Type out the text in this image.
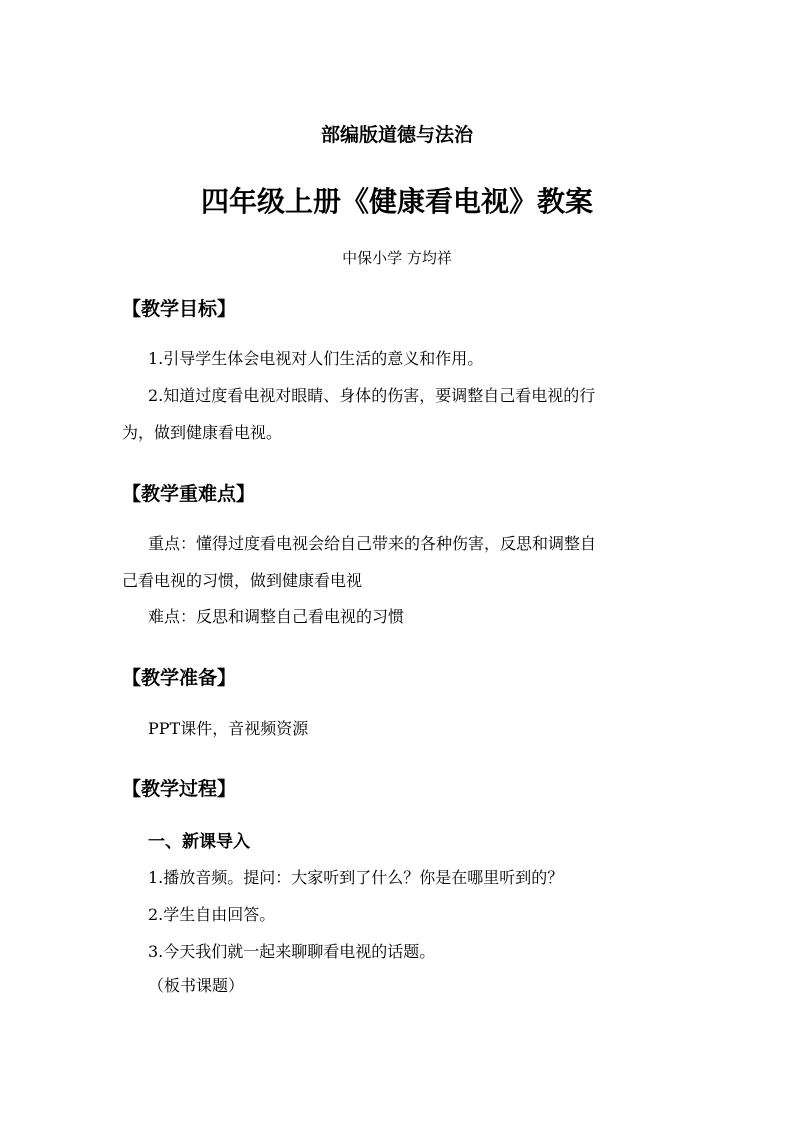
部编版道德与法治

四年级上册《健康看电视》教案

中保小学 方均祥

【教学目标】

1.引导学生体会电视对人们生活的意义和作用。

2.知道过度看电视对眼睛、身体的伤害，要调整自己看电视的行

为，做到健康看电视。

【教学重难点】

重点：懂得过度看电视会给自己带来的各种伤害，反思和调整自

己看电视的习惯，做到健康看电视

难点：反思和调整自己看电视的习惯

【教学准备】

PPT课件，音视频资源

【教学过程】

一、新课导入

1.播放音频。提问：大家听到了什么？你是在哪里听到的？

2.学生自由回答。

3.今天我们就一起来聊聊看电视的话题。

（板书课题）
